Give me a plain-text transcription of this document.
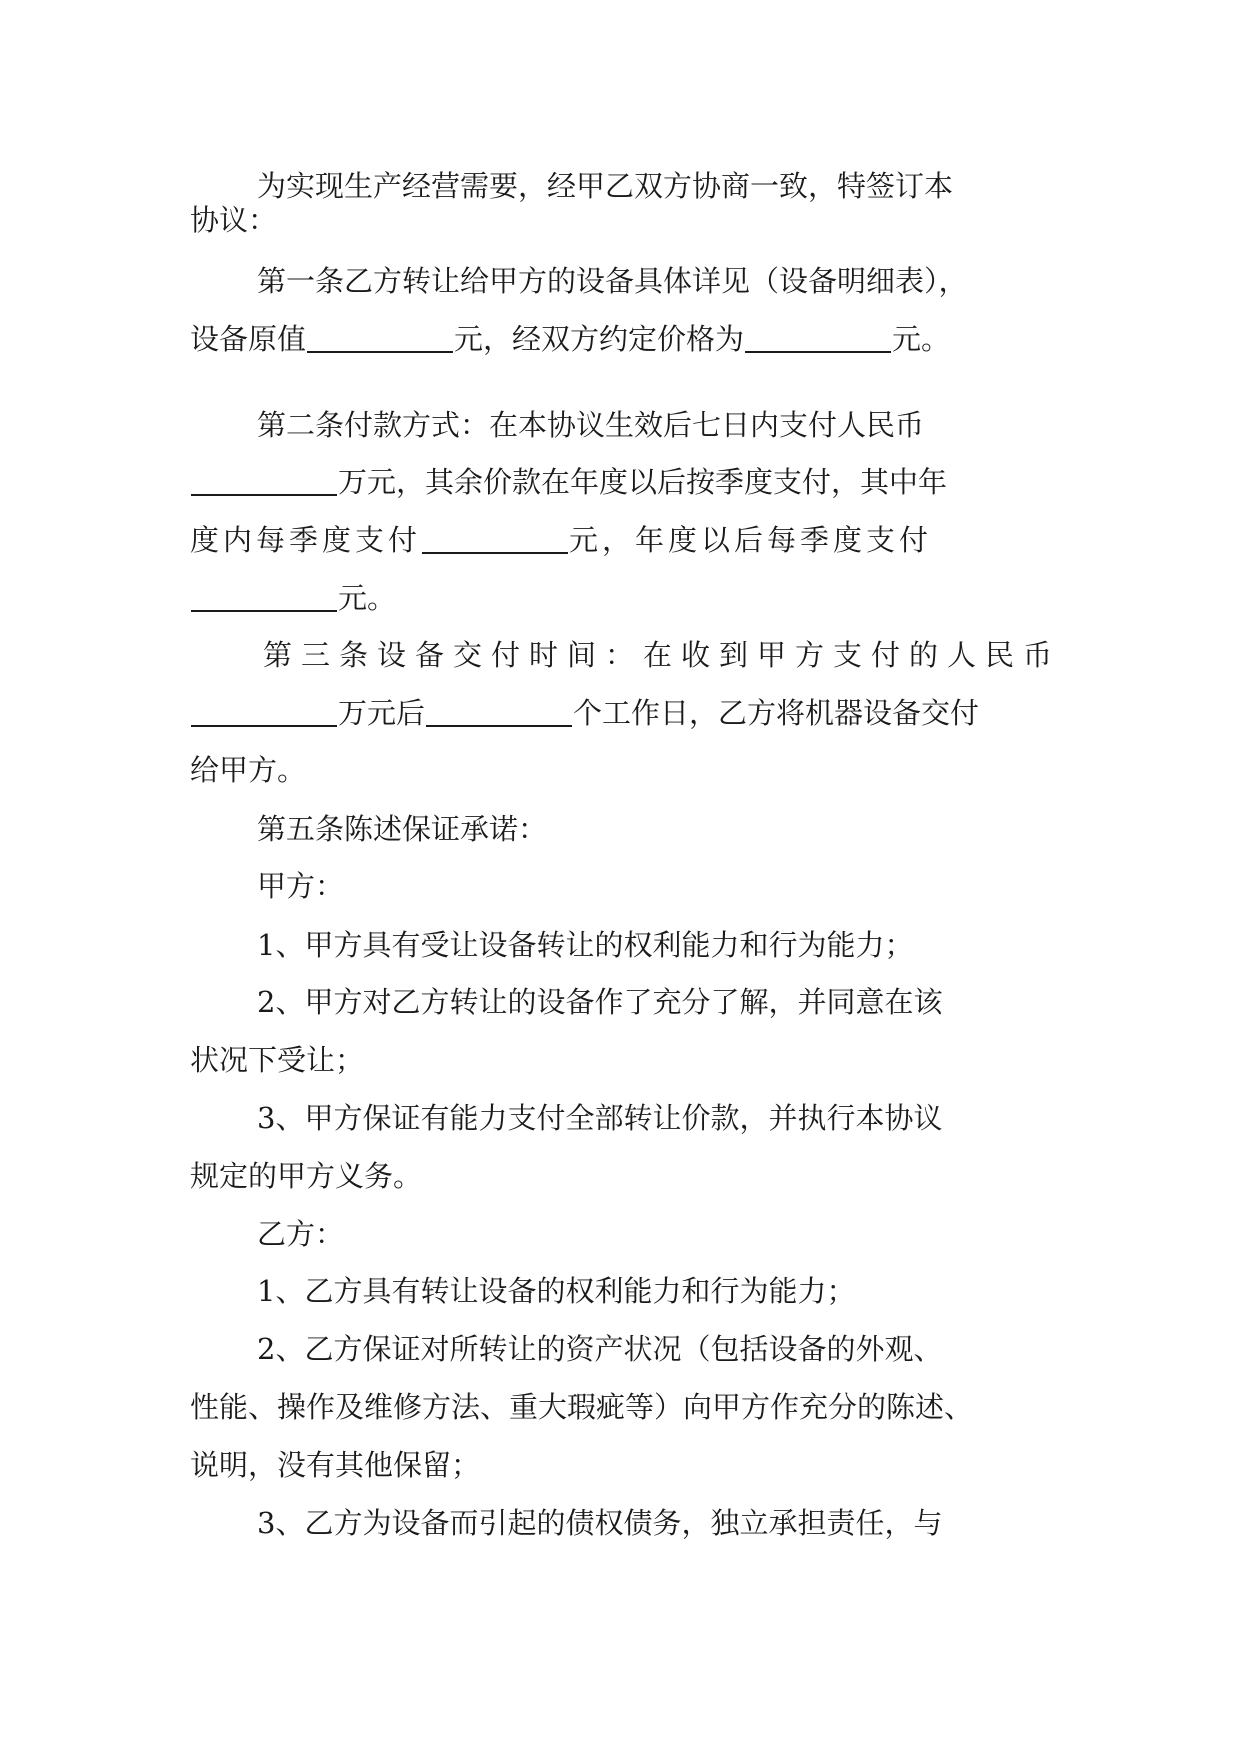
为实现生产经营需要，经甲乙双方协商一致，特签订本
协议：
第一条乙方转让给甲方的设备具体详见（设备明细表），
设备原值	元，经双方约定价格为	元。
第二条付款方式：在本协议生效后七日内支付人民币
万元，其余价款在年度以后按季度支付，其中年
度内每季度支付	元，年度以后每季度支付
元。
第三条设备交付时间：在收到甲方支付的人民币
万元后	个工作日，乙方将机器设备交付
给甲方。
第五条陈述保证承诺：
甲方：
1、甲方具有受让设备转让的权利能力和行为能力；
2、甲方对乙方转让的设备作了充分了解，并同意在该
状况下受让；
3、甲方保证有能力支付全部转让价款，并执行本协议
规定的甲方义务。
乙方：
1、乙方具有转让设备的权利能力和行为能力；
2、乙方保证对所转让的资产状况（包括设备的外观、
性能、操作及维修方法、重大瑕疵等）向甲方作充分的陈述、
说明，没有其他保留；
3、乙方为设备而引起的债权债务，独立承担责任，与
